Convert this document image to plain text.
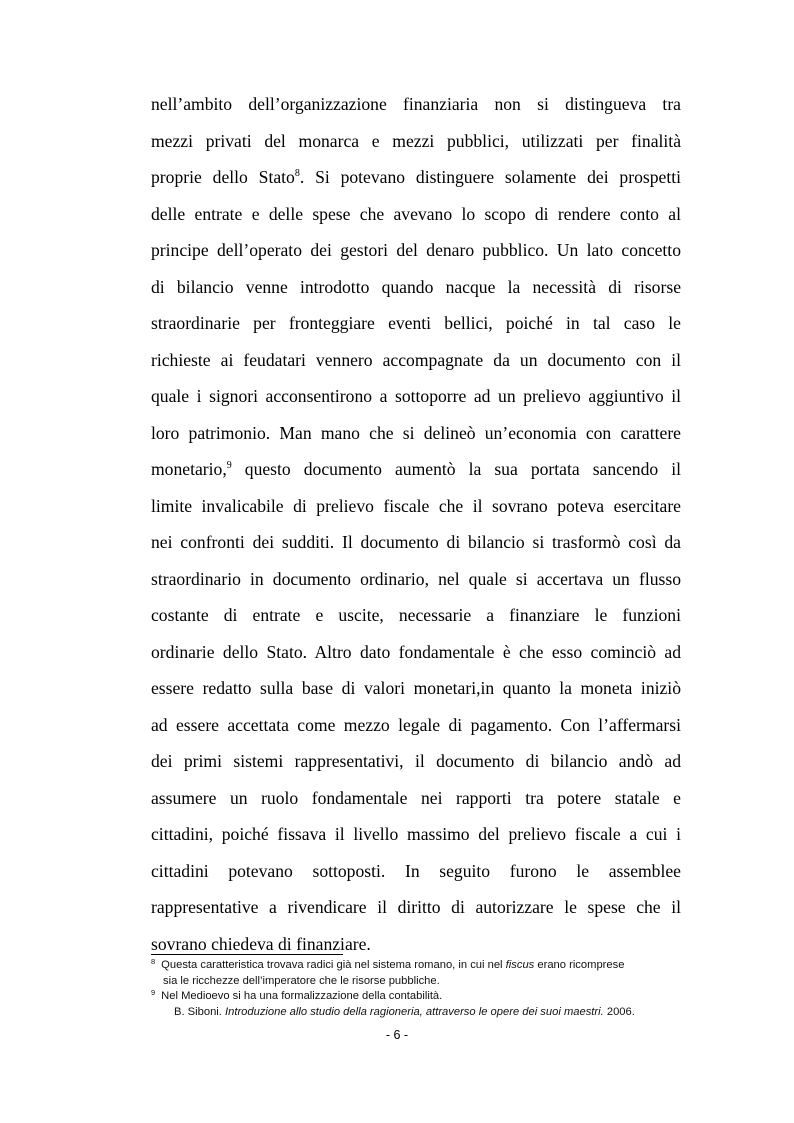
nell’ambito dell’organizzazione finanziaria non si distingueva tra
mezzi privati del monarca e mezzi pubblici, utilizzati per finalità
proprie dello Stato$^8$. Si potevano distinguere solamente dei prospetti
delle entrate e delle spese che avevano lo scopo di rendere conto al
principe dell’operato dei gestori del denaro pubblico. Un lato concetto
di bilancio venne introdotto quando nacque la necessità di risorse
straordinarie per fronteggiare eventi bellici, poiché in tal caso le
richieste ai feudatari vennero accompagnate da un documento con il
quale i signori acconsentirono a sottoporre ad un prelievo aggiuntivo il
loro patrimonio. Man mano che si delineò un’economia con carattere
monetario,$^9$ questo documento aumentò la sua portata sancendo il
limite invalicabile di prelievo fiscale che il sovrano poteva esercitare
nei confronti dei sudditi. Il documento di bilancio si trasformò così da
straordinario in documento ordinario, nel quale si accertava un flusso
costante di entrate e uscite, necessarie a finanziare le funzioni
ordinarie dello Stato. Altro dato fondamentale è che esso cominciò ad
essere redatto sulla base di valori monetari,in quanto la moneta iniziò
ad essere accettata come mezzo legale di pagamento. Con l’affermarsi
dei primi sistemi rappresentativi, il documento di bilancio andò ad
assumere un ruolo fondamentale nei rapporti tra potere statale e
cittadini, poiché fissava il livello massimo del prelievo fiscale a cui i
cittadini potevano sottoposti. In seguito furono le assemblee
rappresentative a rivendicare il diritto di autorizzare le spese che il
sovrano chiedeva di finanziare.
$^8$ Questa caratteristica trovava radici già nel sistema romano, in cui nel fiscus erano ricomprese
sia le ricchezze dell’imperatore che le risorse pubbliche.
$^9$ Nel Medioevo si ha una formalizzazione della contabilità.
B. Siboni. Introduzione allo studio della ragioneria, attraverso le opere dei suoi maestri. 2006.
- 6 -
